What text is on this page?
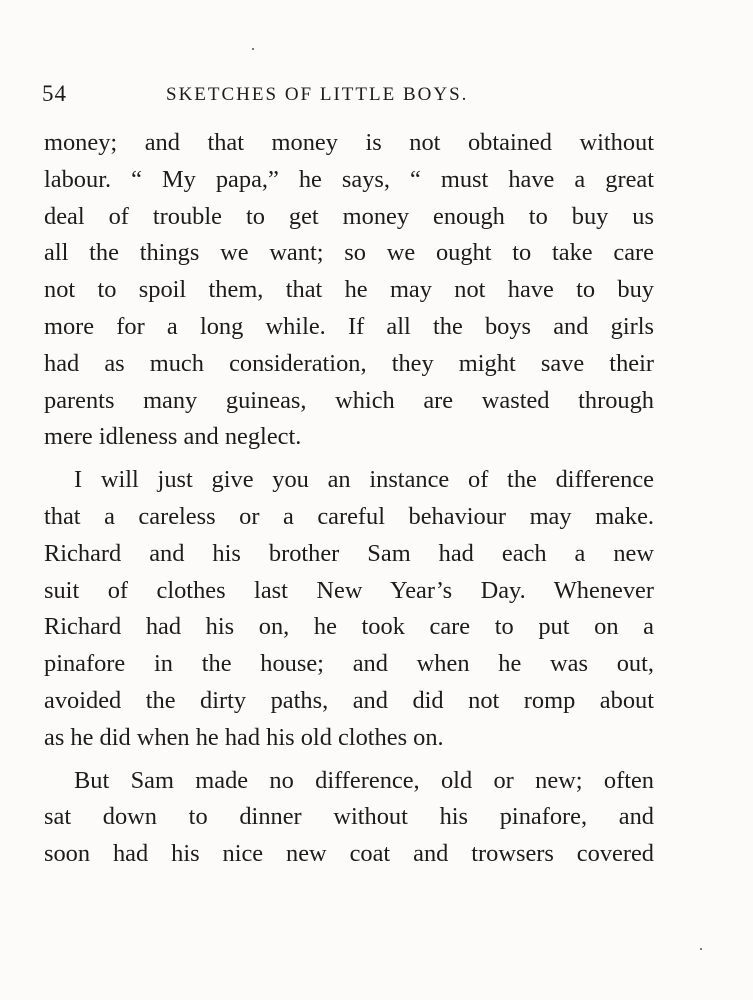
54	SKETCHES OF LITTLE BOYS.
money; and that money is not obtained without
labour. “ My papa,” he says, “ must have a great
deal of trouble to get money enough to buy us
all the things we want; so we ought to take care
not to spoil them, that he may not have to buy
more for a long while. If all the boys and girls
had as much consideration, they might save their
parents many guineas, which are wasted through
mere idleness and neglect.
I will just give you an instance of the difference
that a careless or a careful behaviour may make.
Richard and his brother Sam had each a new
suit of clothes last New Year’s Day. Whenever
Richard had his on, he took care to put on a
pinafore in the house; and when he was out,
avoided the dirty paths, and did not romp about
as he did when he had his old clothes on.
But Sam made no difference, old or new; often
sat down to dinner without his pinafore, and
soon had his nice new coat and trowsers covered
